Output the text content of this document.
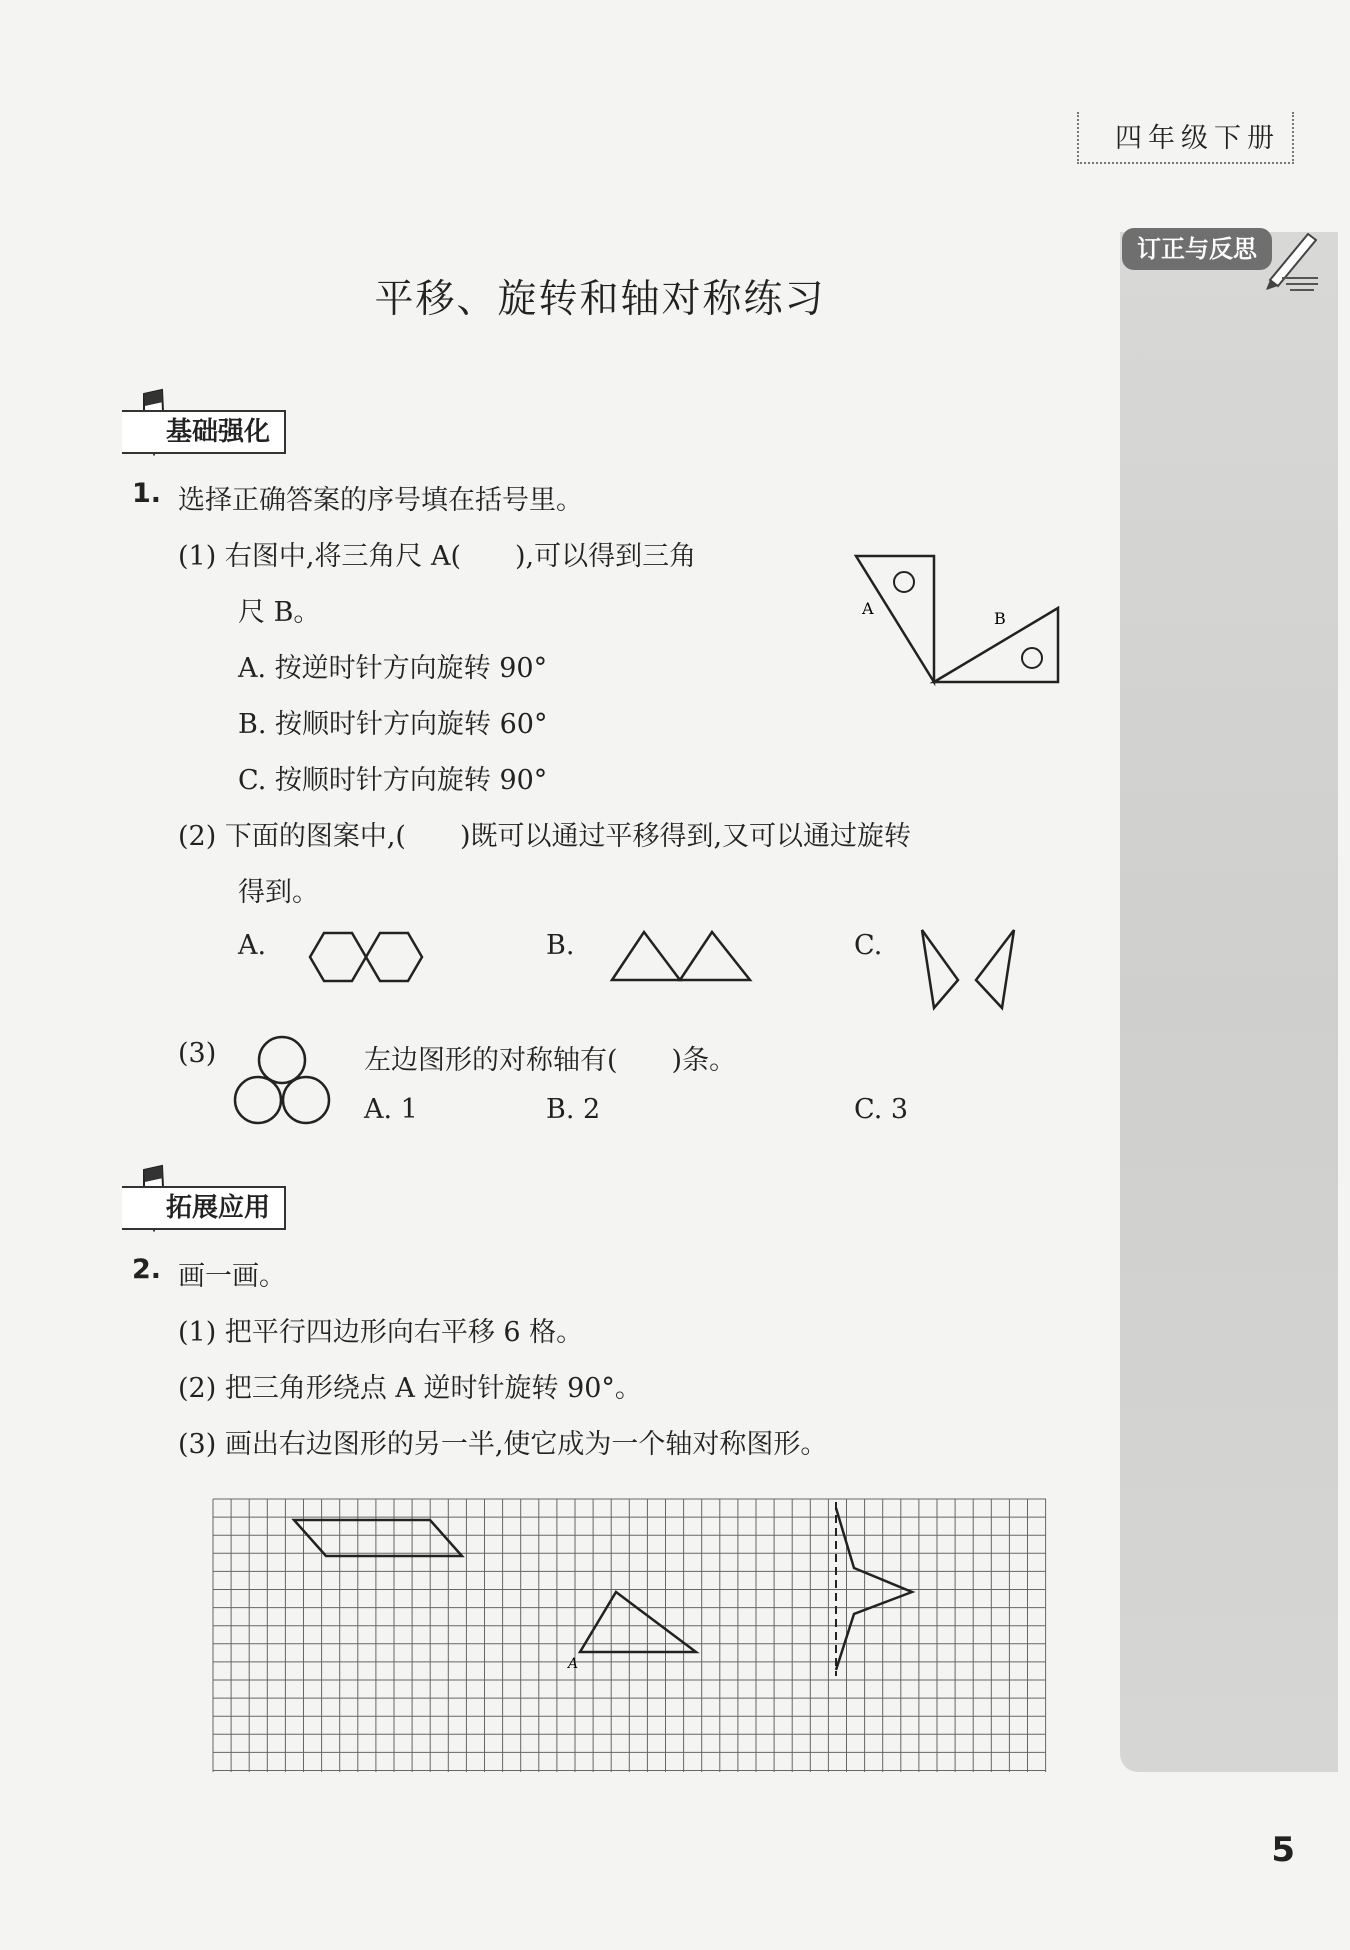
四年级下册
订正与反思
平移、旋转和轴对称练习
基础强化
1. 选择正确答案的序号填在括号里。
(1) 右图中,将三角尺 A(　　),可以得到三角
尺 B。
A. 按逆时针方向旋转 90°
B. 按顺时针方向旋转 60°
C. 按顺时针方向旋转 90°
A
B
(2) 下面的图案中,(　　)既可以通过平移得到,又可以通过旋转
得到。
A.	B.	C.
(3)	左边图形的对称轴有(　　)条。
A. 1	B. 2	C. 3
拓展应用
2. 画一画。
(1) 把平行四边形向右平移 6 格。
(2) 把三角形绕点 A 逆时针旋转 90°。
(3) 画出右边图形的另一半,使它成为一个轴对称图形。
A
5
